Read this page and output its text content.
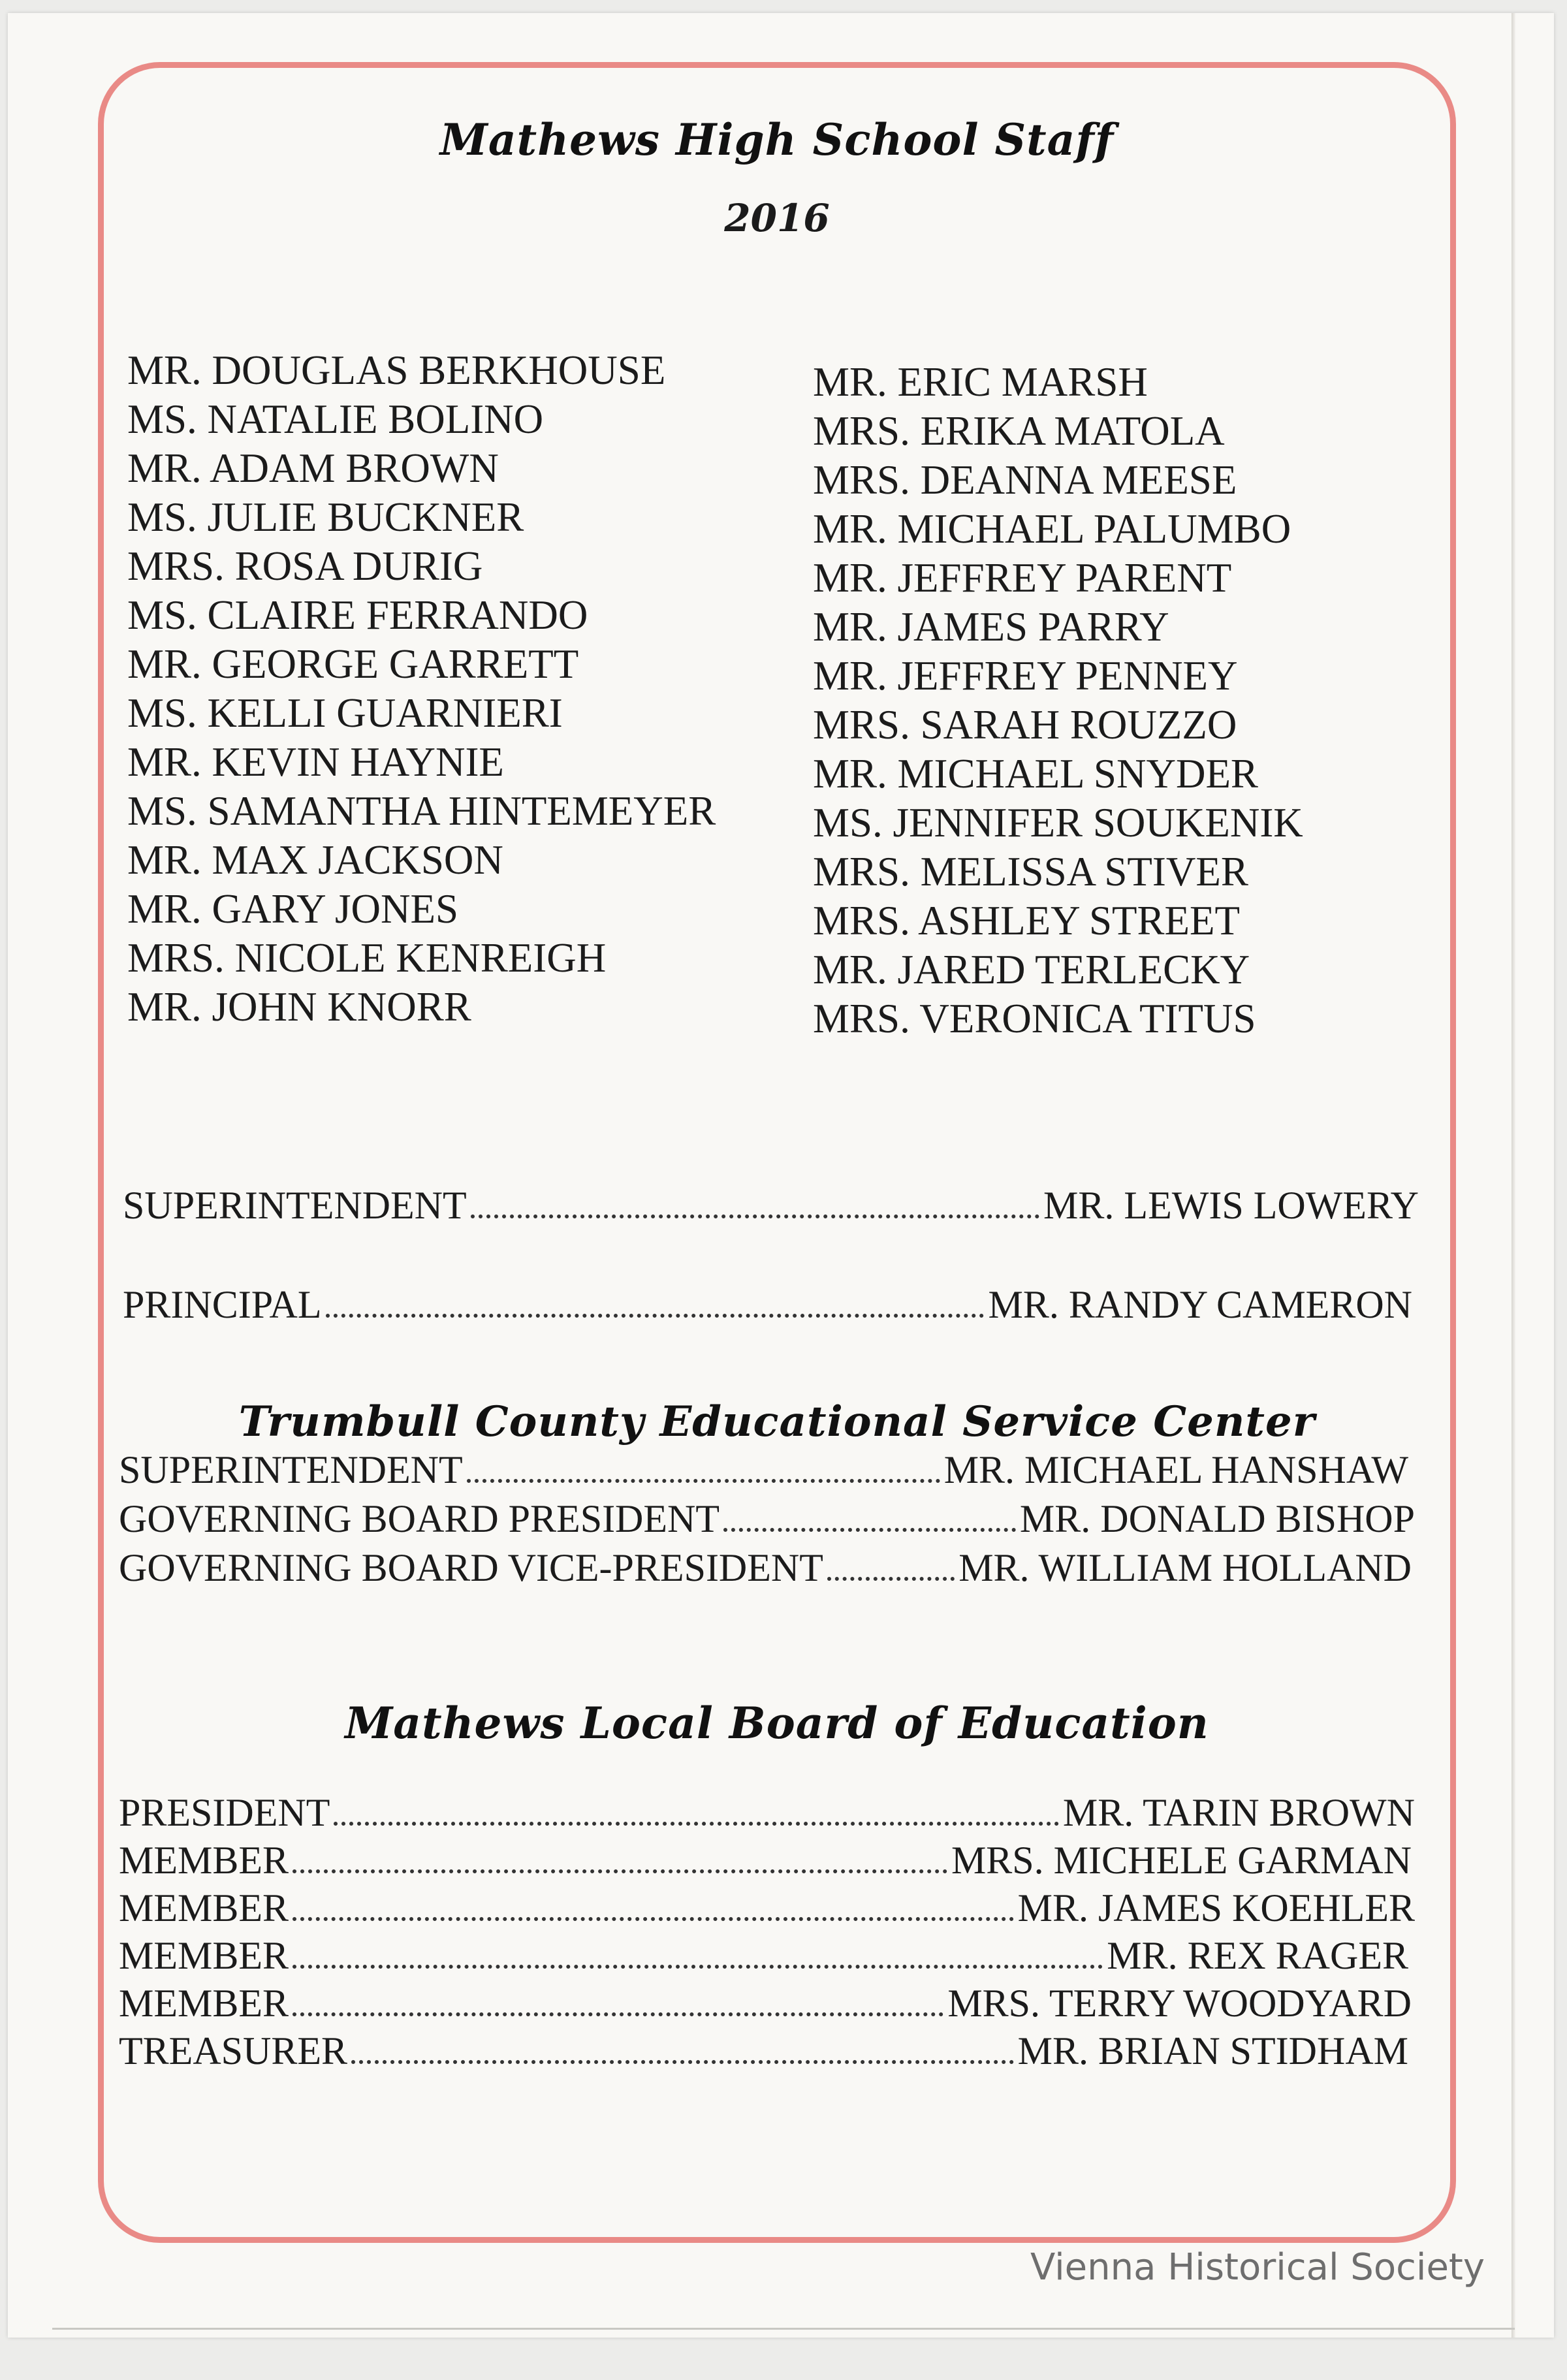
Mathews High School Staff
2016
MR. DOUGLAS BERKHOUSE
MS. NATALIE BOLINO
MR. ADAM BROWN
MS. JULIE BUCKNER
MRS. ROSA DURIG
MS. CLAIRE FERRANDO
MR. GEORGE GARRETT
MS. KELLI GUARNIERI
MR. KEVIN HAYNIE
MS. SAMANTHA HINTEMEYER
MR. MAX JACKSON
MR. GARY JONES
MRS. NICOLE KENREIGH
MR. JOHN KNORR
MR. ERIC MARSH
MRS. ERIKA MATOLA
MRS. DEANNA MEESE
MR. MICHAEL PALUMBO
MR. JEFFREY PARENT
MR. JAMES PARRY
MR. JEFFREY PENNEY
MRS. SARAH ROUZZO
MR. MICHAEL SNYDER
MS. JENNIFER SOUKENIK
MRS. MELISSA STIVER
MRS. ASHLEY STREET
MR. JARED TERLECKY
MRS. VERONICA TITUS
SUPERINTENDENT	MR. LEWIS LOWERY
PRINCIPAL	MR. RANDY CAMERON
Trumbull County Educational Service Center
SUPERINTENDENT	MR. MICHAEL HANSHAW
GOVERNING BOARD PRESIDENT	MR. DONALD BISHOP
GOVERNING BOARD VICE-PRESIDENT	MR. WILLIAM HOLLAND
Mathews Local Board of Education
PRESIDENT	MR. TARIN BROWN
MEMBER	MRS. MICHELE GARMAN
MEMBER	MR. JAMES KOEHLER
MEMBER	MR. REX RAGER
MEMBER	MRS. TERRY WOODYARD
TREASURER	MR. BRIAN STIDHAM
Vienna Historical Society
